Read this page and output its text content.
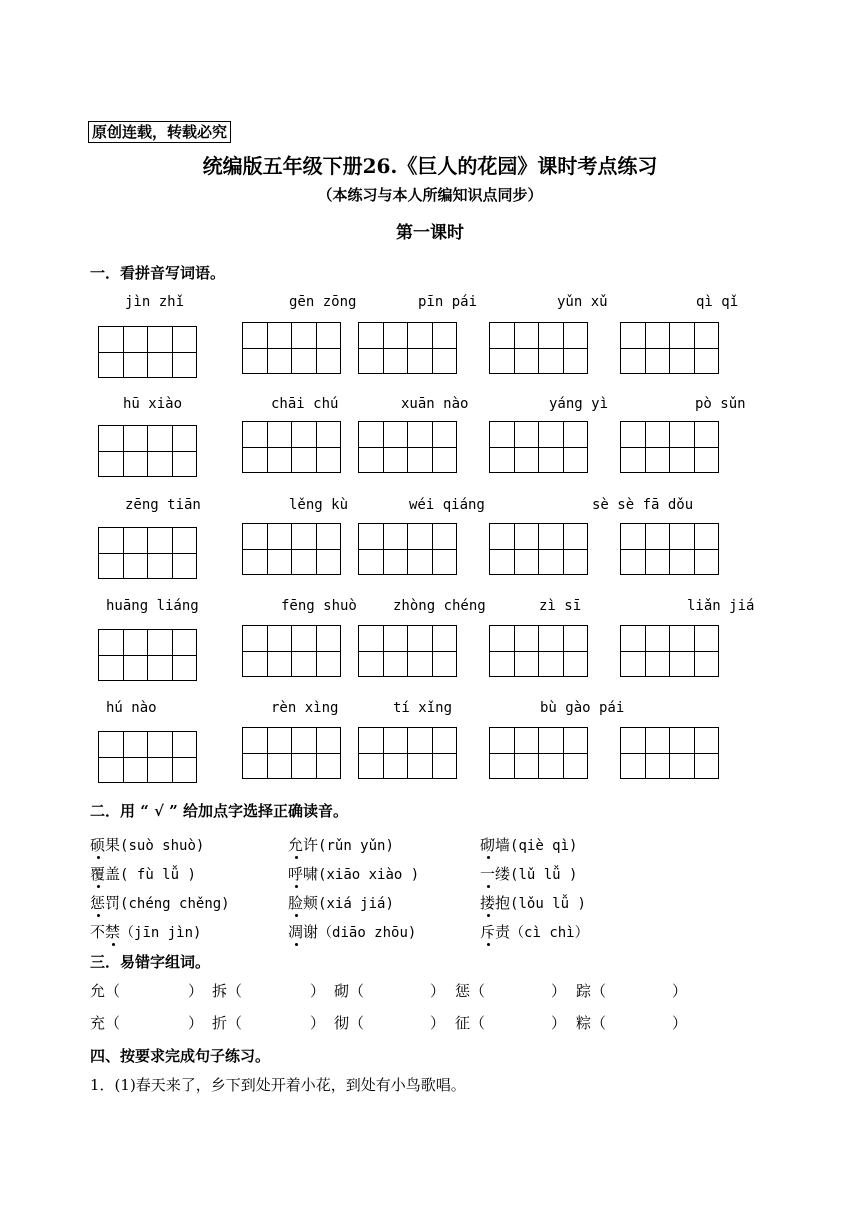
原创连载，转载必究
统编版五年级下册26.《巨人的花园》课时考点练习
（本练习与本人所编知识点同步）
第一课时
一．看拼音写词语。
jìn zhǐ	gēn zōng	pīn pái	yǔn xǔ	qì qǐ
hū xiào	chāi chú	xuān nào	yáng yì	pò sǔn
zēng tiān	lěng kù	wéi qiáng	sè sè fā dǒu
huāng liáng	fēng shuò	zhòng chéng	zì sī	liǎn jiá
hú nào	rèn xìng	tí xǐng	bù gào pái
二．用 “ √ ” 给加点字选择正确读音。
硕果(suò shuò)	允许(rǔn yǔn)	砌墙(qiè qì)
覆盖( fù lǚ )	呼啸(xiāo xiào )	一缕(lǔ lǚ )
惩罚(chéng chěng)	脸颊(xiá jiá)	搂抱(lǒu lǚ )
不禁（jīn jìn)	凋谢（diāo zhōu)	斥责（cì chì）
三．易错字组词。
允（	） 拆（	） 砌（	） 惩（	） 踪（	）
充（	） 折（	） 彻（	） 征（	） 粽（	）
四、按要求完成句子练习。
1．(1)春天来了，乡下到处开着小花，到处有小鸟歌唱。
